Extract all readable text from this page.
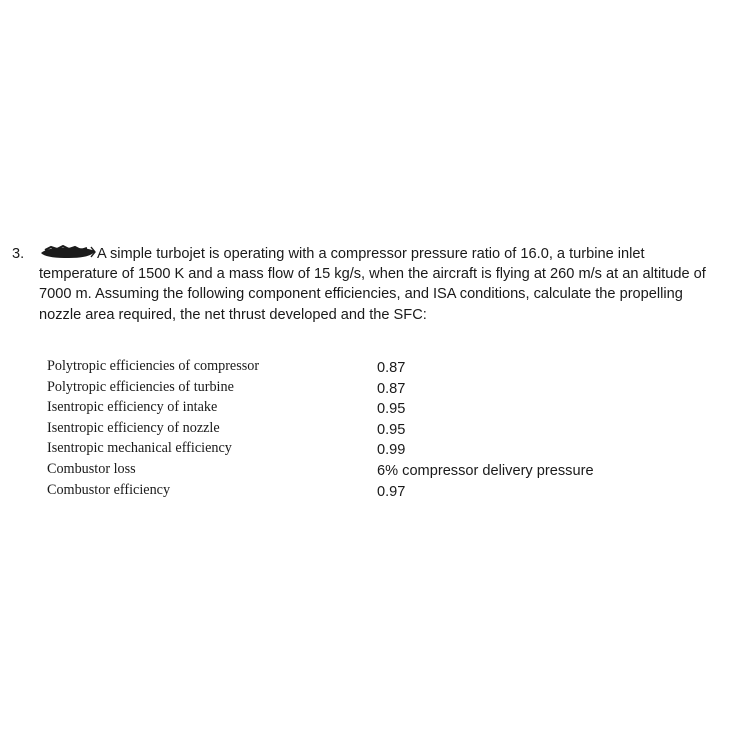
3.	A simple turbojet is operating with a compressor pressure ratio of 16.0, a turbine inlet temperature of 1500 K and a mass flow of 15 kg/s, when the aircraft is flying at 260 m/s at an altitude of 7000 m. Assuming the following component efficiencies, and ISA conditions, calculate the propelling nozzle area required, the net thrust developed and the SFC:
Polytropic efficiencies of compressor	0.87
Polytropic efficiencies of turbine	0.87
Isentropic efficiency of intake	0.95
Isentropic efficiency of nozzle	0.95
Isentropic mechanical efficiency	0.99
Combustor loss	6% compressor delivery pressure
Combustor efficiency	0.97
